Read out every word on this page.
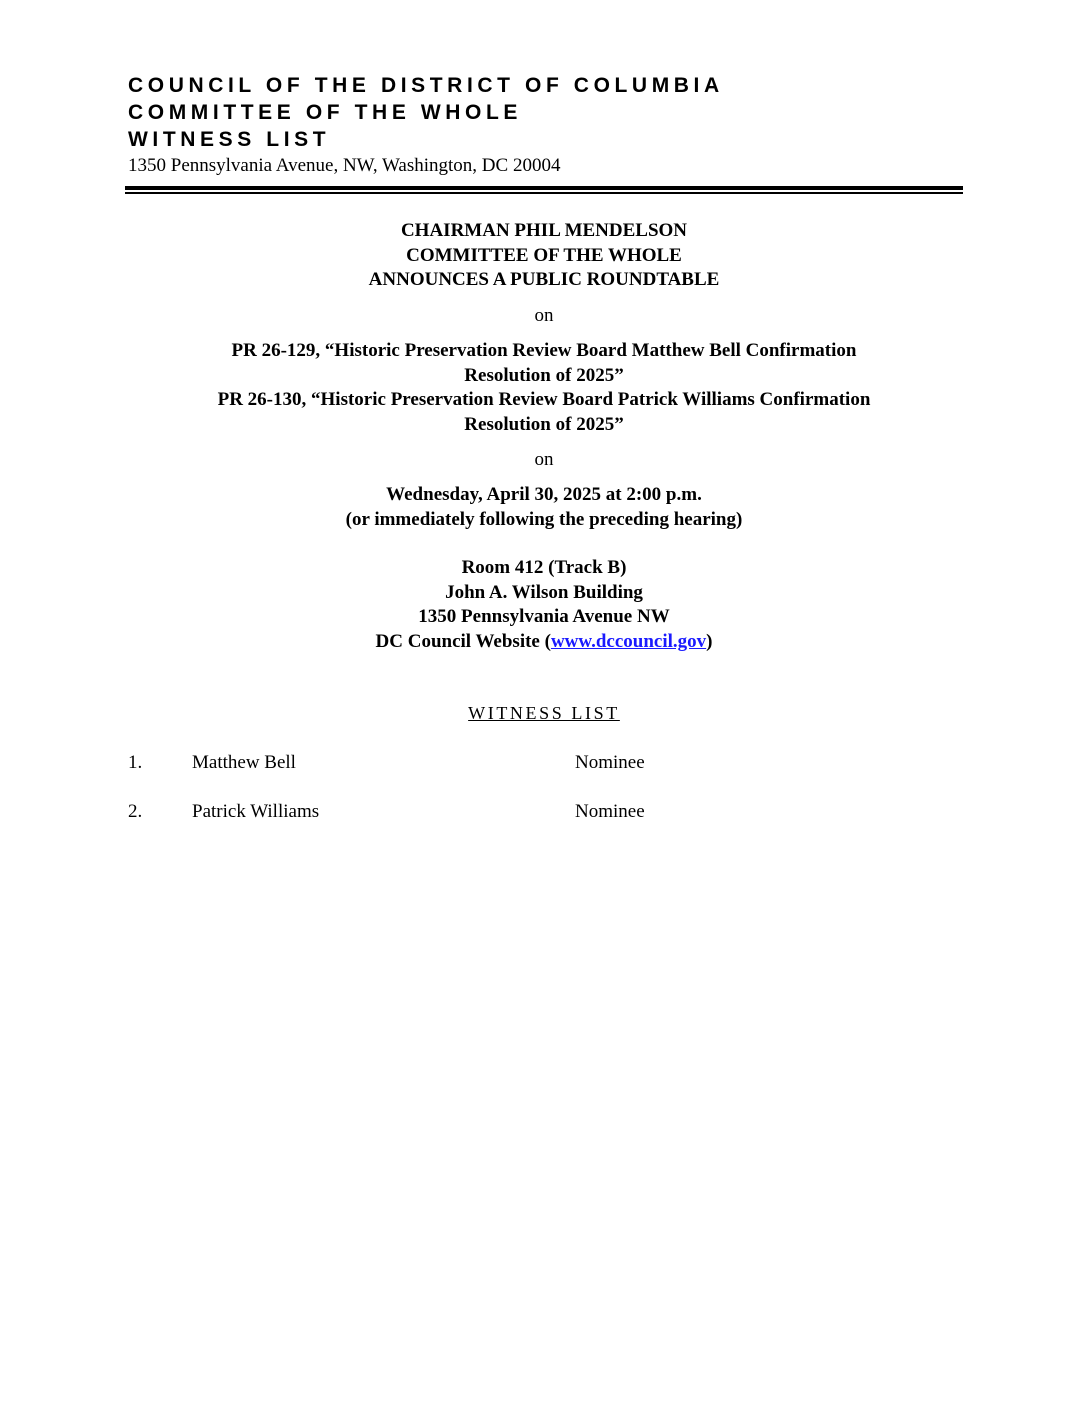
COUNCIL OF THE DISTRICT OF COLUMBIA
COMMITTEE OF THE WHOLE
WITNESS LIST
1350 Pennsylvania Avenue, NW, Washington, DC 20004
CHAIRMAN PHIL MENDELSON
COMMITTEE OF THE WHOLE
ANNOUNCES A PUBLIC ROUNDTABLE
on
PR 26-129, “Historic Preservation Review Board Matthew Bell Confirmation
Resolution of 2025”
PR 26-130, “Historic Preservation Review Board Patrick Williams Confirmation
Resolution of 2025”
on
Wednesday, April 30, 2025 at 2:00 p.m.
(or immediately following the preceding hearing)
Room 412 (Track B)
John A. Wilson Building
1350 Pennsylvania Avenue NW
DC Council Website (www.dccouncil.gov)
WITNESS LIST
1.	Matthew Bell	Nominee
2.	Patrick Williams	Nominee
